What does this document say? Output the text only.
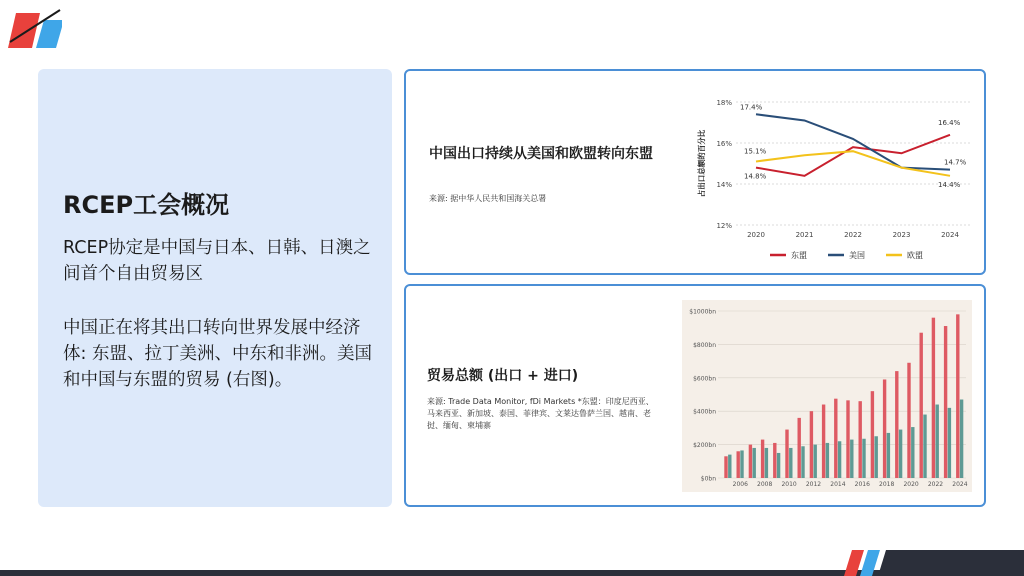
RCEP工会概况
RCEP协定是中国与日本、日韩、日澳之间首个自由贸易区
中国正在将其出口转向世界发展中经济体: 东盟、拉丁美洲、中东和非洲。美国和中国与东盟的贸易 (右图)。
中国出口持续从美国和欧盟转向东盟
来源: 据中华人民共和国海关总署
12%
14%
16%
18%
2020	2021	2022	2023	2024
占出口总额的百分比
17.4%
15.1%
14.8%
16.4%
14.7%
14.4%
东盟	美国	欧盟
贸易总额 (出口 + 进口)
来源: Trade Data Monitor, fDi Markets *东盟：印度尼西亚、马来西亚、新加坡、泰国、菲律宾、文莱达鲁萨兰国、越南、老挝、缅甸、柬埔寨
$0bn
$200bn
$400bn
$600bn
$800bn
$1000bn
2006 2008 2010 2012 2014 2016 2018 2020 2022 2024
